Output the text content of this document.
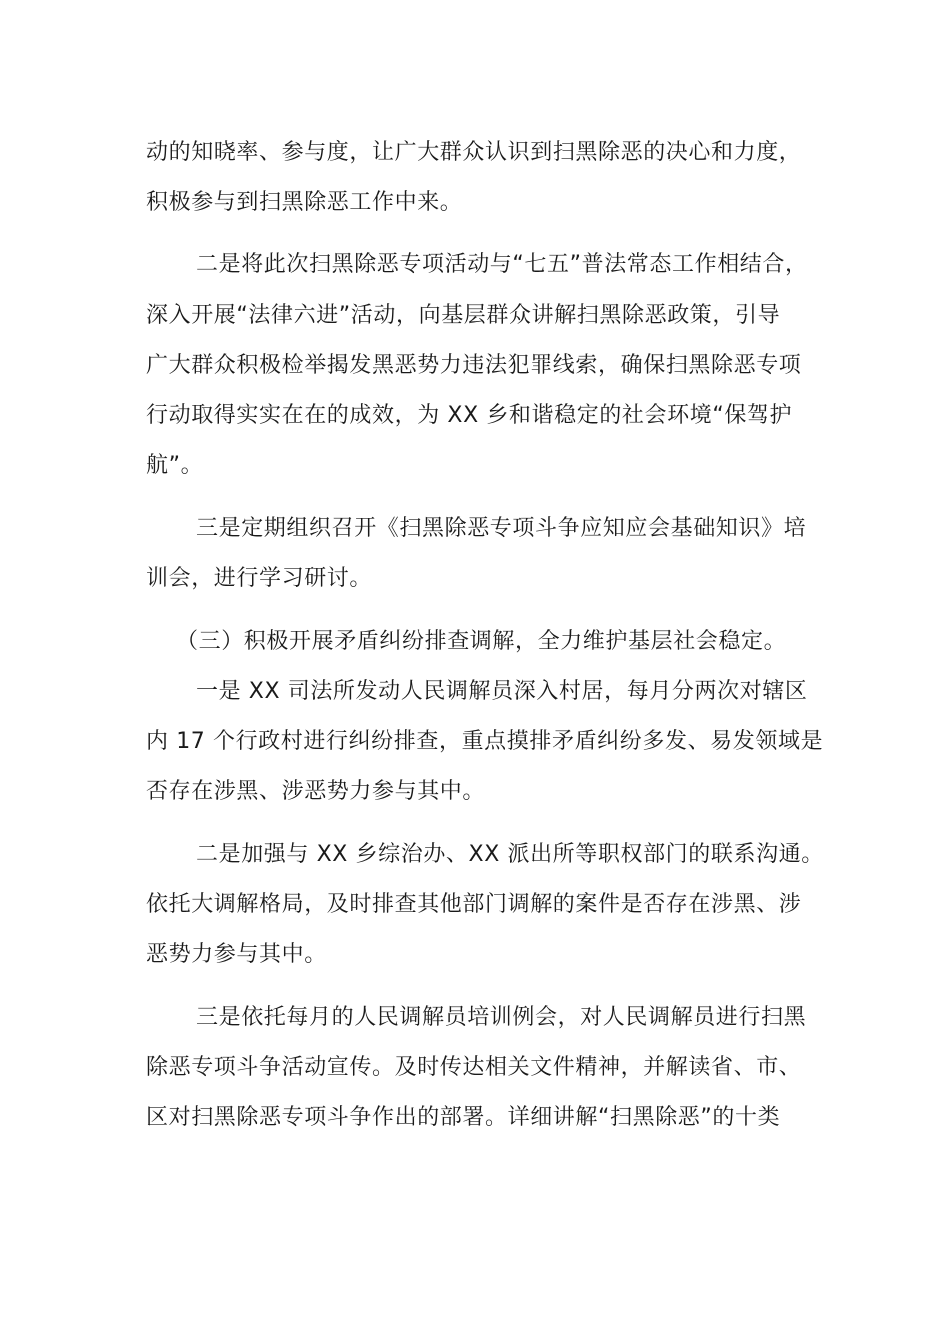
动的知晓率、参与度，让广大群众认识到扫黑除恶的决心和力度，
积极参与到扫黑除恶工作中来。
二是将此次扫黑除恶专项活动与“七五”普法常态工作相结合，
深入开展“法律六进”活动，向基层群众讲解扫黑除恶政策，引导
广大群众积极检举揭发黑恶势力违法犯罪线索，确保扫黑除恶专项
行动取得实实在在的成效，为 XX 乡和谐稳定的社会环境“保驾护
航”。
三是定期组织召开《扫黑除恶专项斗争应知应会基础知识》培
训会，进行学习研讨。
（三）积极开展矛盾纠纷排查调解，全力维护基层社会稳定。
一是 XX 司法所发动人民调解员深入村居，每月分两次对辖区
内 17 个行政村进行纠纷排查，重点摸排矛盾纠纷多发、易发领域是
否存在涉黑、涉恶势力参与其中。
二是加强与 XX 乡综治办、XX 派出所等职权部门的联系沟通。
依托大调解格局，及时排查其他部门调解的案件是否存在涉黑、涉
恶势力参与其中。
三是依托每月的人民调解员培训例会，对人民调解员进行扫黑
除恶专项斗争活动宣传。及时传达相关文件精神，并解读省、市、
区对扫黑除恶专项斗争作出的部署。详细讲解“扫黑除恶”的十类
